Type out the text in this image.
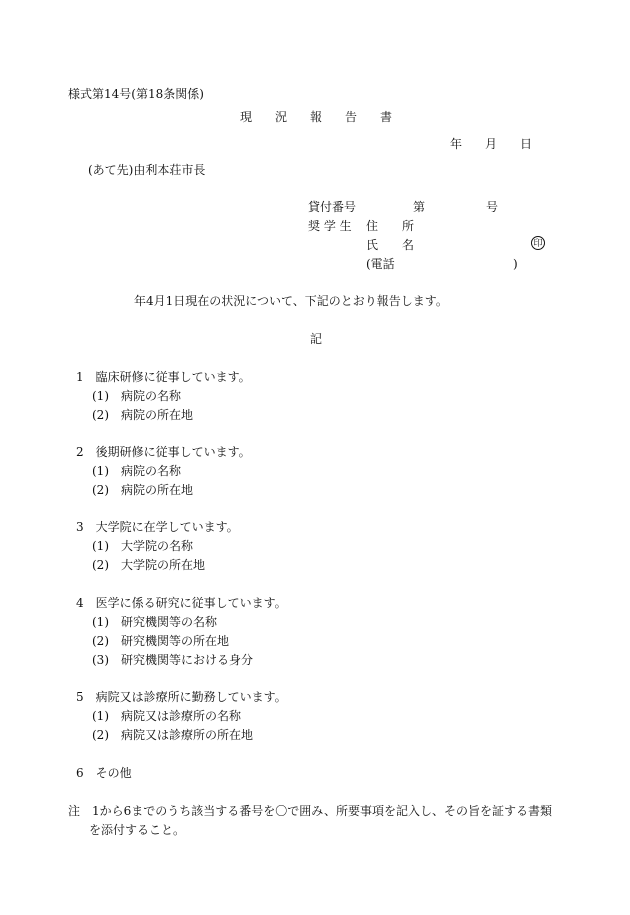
様式第14号(第18条関係)
現 況 報 告 書
年 月 日
(あて先)由利本荘市長
貸付番号	第	号
奨 学 生 住　　所
氏　　名	印
(電話	)
年4月1日現在の状況について、下記のとおり報告します。
記
1　臨床研修に従事しています。
(1)　病院の名称
(2)　病院の所在地
2　後期研修に従事しています。
(1)　病院の名称
(2)　病院の所在地
3　大学院に在学しています。
(1)　大学院の名称
(2)　大学院の所在地
4　医学に係る研究に従事しています。
(1)　研究機関等の名称
(2)　研究機関等の所在地
(3)　研究機関等における身分
5　病院又は診療所に勤務しています。
(1)　病院又は診療所の名称
(2)　病院又は診療所の所在地
6　その他
注　1から6までのうち該当する番号を〇で囲み、所要事項を記入し、その旨を証する書類
を添付すること。
